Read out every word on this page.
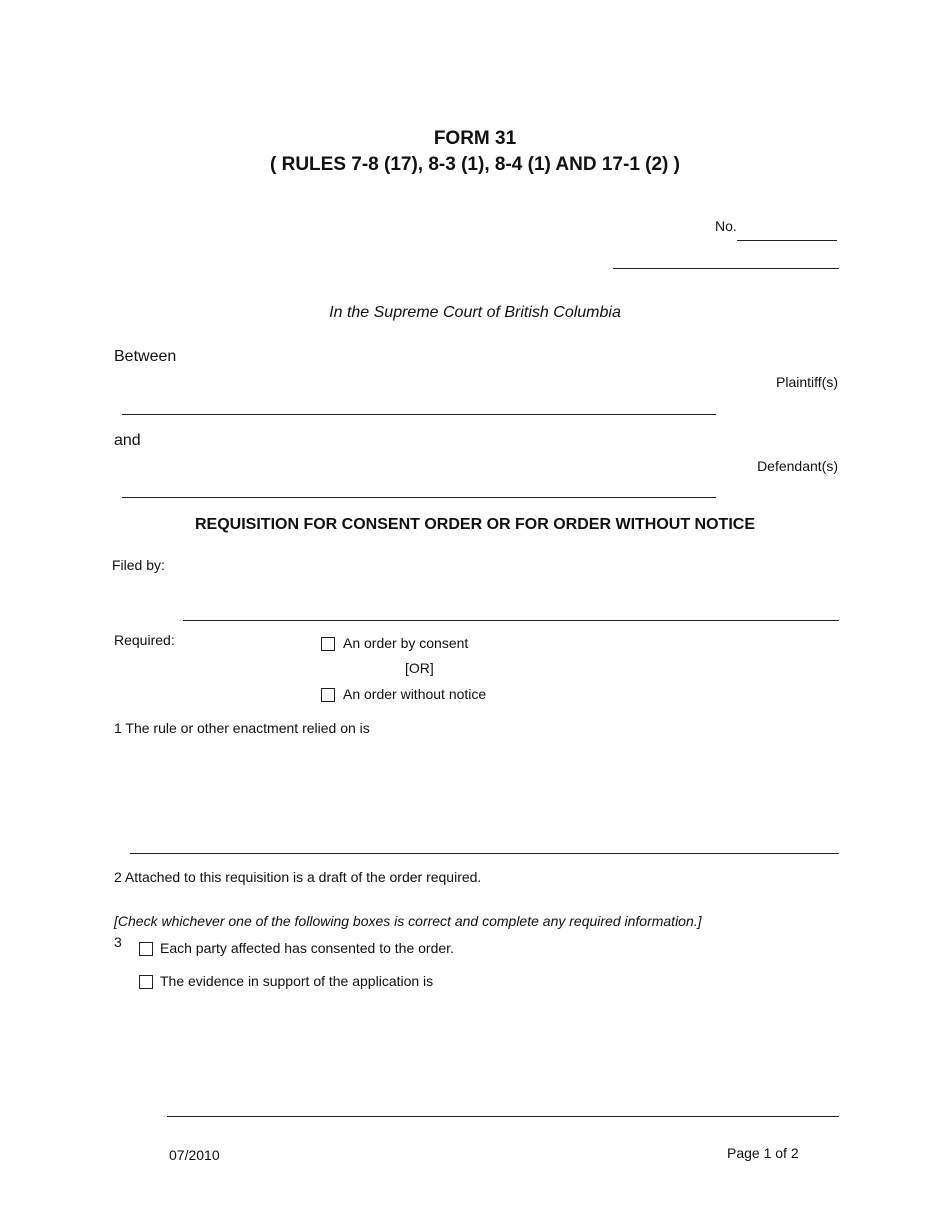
FORM 31
( RULES 7-8 (17), 8-3 (1), 8-4 (1) AND 17-1 (2) )
No.
In the Supreme Court of British Columbia
Between
Plaintiff(s)
and
Defendant(s)
REQUISITION FOR CONSENT ORDER OR FOR ORDER WITHOUT NOTICE
Filed by:
Required:	An order by consent
[OR]
An order without notice
1 The rule or other enactment relied on is
2 Attached to this requisition is a draft of the order required.
[Check whichever one of the following boxes is correct and complete any required information.]
3	Each party affected has consented to the order.
The evidence in support of the application is
07/2010	Page 1 of 2
